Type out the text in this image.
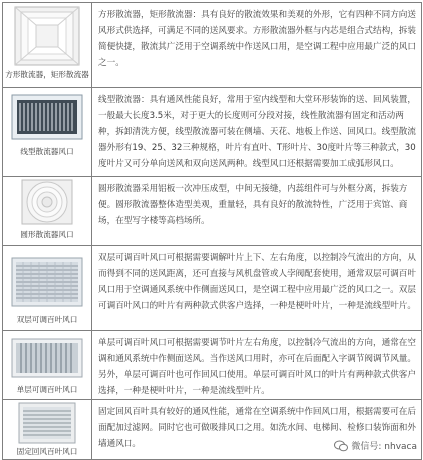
方形散流器，矩形散流器
方形散流器，矩形散流器：具有良好的散流效果和美观的外形，它有四种不同方向送风形式供选择，可满足不同的送风要求。方形散流器外框与内芯是组合式结构，拆装简便快捷，散流其广泛用于空调系统中作送风口用，是空调工程中应用最广泛的风口之一。
线型散流器风口
线型散流器：具有通风性能良好，常用于室内线型和大堂环形装饰的送、回风装置，一般最大长度3.5米，对于更大的长度则可分段对接，线性散流器有固定和活动两种，拆卸清洗方便，线型散流器可装在侧墙、天花、地板上作送、回风口。线型散流器外形有19、25、32三种规格，叶片有直叶、T形叶片、30度叶片等三种款式，30度叶片又可分单向送风和双向送风两种。线型风口还根据需要加工成弧形风口。
圆形散流器风口
圆形散流器采用铝板一次冲压成型，中间无接缝，内蕊组件可与外框分离，拆装方便。圆形散流器整体造型美观，重量轻，具有良好的散流特性，广泛用于宾馆、商场，在型写字楼等高档场所。
双层可调百叶风口
双层可调百叶风口可根据需要调解叶片上下、左右角度，以控制冷气流出的方向，从而得到不同的送风距离，还可直接与风机盘管或人孛阀配套使用，通常双层可调百叶风口用于空调通风系统中作侧面送风口，是空调工程中应用最广泛的风口之一。双层可调百叶风口的叶片有两种款式供客户选择，一种是梗叶叶片，一种是流线型叶片。
单层可调百叶风口
单层可调百叶风口可根据需要调节叶片左右角度，以控制冷气流出的方向，通常在空调和通风系统中作侧面送风。当作送风口用时，亦可在后面配入字调节阀调节风量。另外，单层可调百叶也可作回风口使用。单层可调百叶风口的叶片有两种款式供客户选择，一种是梗叶叶片，一种是流线型叶片。
固定回风百叶风口
固定回风百叶具有较好的通风性能，通常在空调系统中作回风口用，根据需要可在后面配加过滤网。同时它也可做吸排风口之用。如洗水间、电梯间、检修口装饰面和外墙通风口。	微信号: nhvaca
